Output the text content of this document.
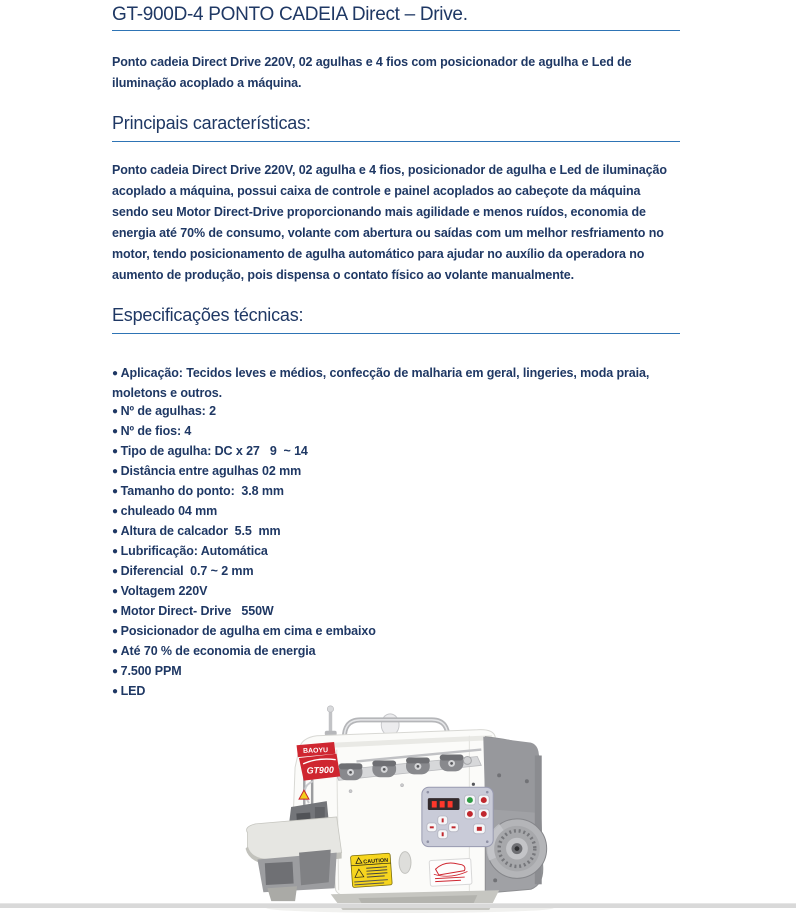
GT-900D-4 PONTO CADEIA Direct – Drive.

Ponto cadeia Direct Drive 220V, 02 agulhas e 4 fios com posicionador de agulha e Led de iluminação acoplado a máquina.

Principais características:

Ponto cadeia Direct Drive 220V, 02 agulha e 4 fios, posicionador de agulha e Led de iluminação acoplado a máquina, possui caixa de controle e painel acoplados ao cabeçote da máquina sendo seu Motor Direct-Drive proporcionando mais agilidade e menos ruídos, economia de energia até 70% de consumo, volante com abertura ou saídas com um melhor resfriamento no motor, tendo posicionamento de agulha automático para ajudar no auxílio da operadora no aumento de produção, pois dispensa o contato físico ao volante manualmente.

Especificações técnicas:
● Aplicação: Tecidos leves e médios, confecção de malharia em geral, lingeries, moda praia, moletons e outros.
● Nº de agulhas: 2
● Nº de fios: 4
● Tipo de agulha: DC x 27   9  ~ 14
● Distância entre agulhas 02 mm
● Tamanho do ponto:  3.8 mm
● chuleado 04 mm
● Altura de calcador  5.5  mm
● Lubrificação: Automática
● Diferencial  0.7 ~ 2 mm
● Voltagem 220V
● Motor Direct- Drive   550W
● Posicionador de agulha em cima e embaixo
● Até 70 % de economia de energia
● 7.500 PPM
● LED
BAOYU
GT900
CAUTION
